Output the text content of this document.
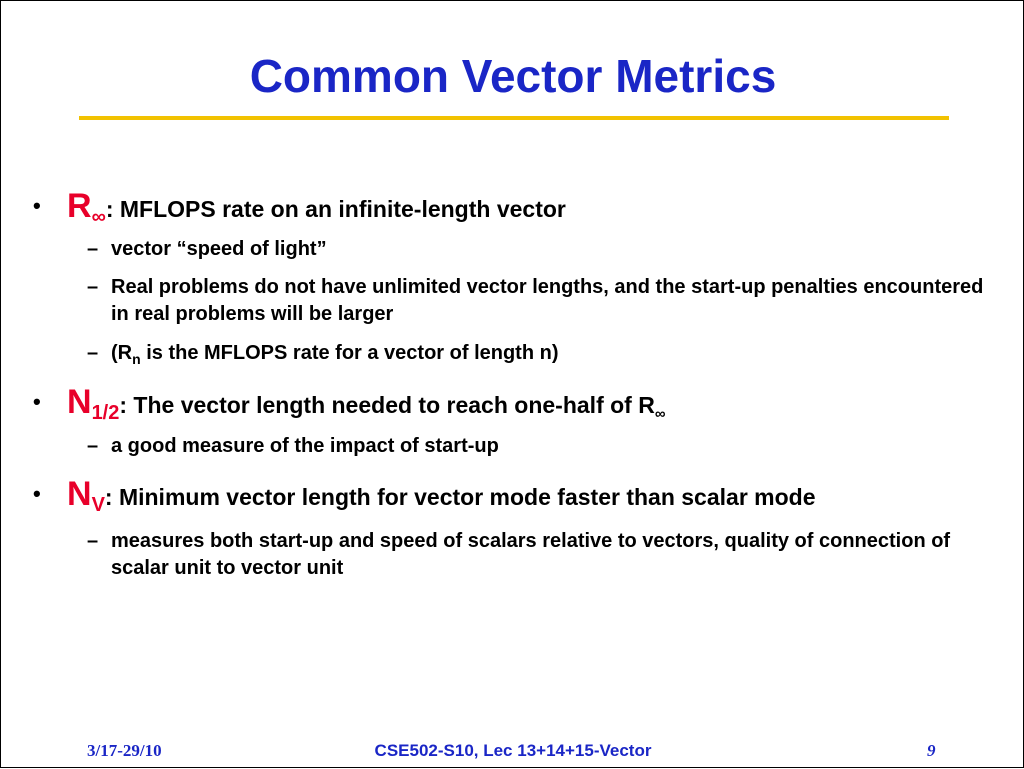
Common Vector Metrics
• $R_\infty$: MFLOPS rate on an infinite-length vector
– vector “speed of light”
– Real problems do not have unlimited vector lengths, and the start-up penalties encountered in real problems will be larger
– ($R_n$ is the MFLOPS rate for a vector of length n)
• $N_{1/2}$: The vector length needed to reach one-half of $R_\infty$
– a good measure of the impact of start-up
• $N_V$: Minimum vector length for vector mode faster than scalar mode
– measures both start-up and speed of scalars relative to vectors, quality of connection of scalar unit to vector unit
3/17-29/10	CSE502-S10, Lec 13+14+15-Vector	9
